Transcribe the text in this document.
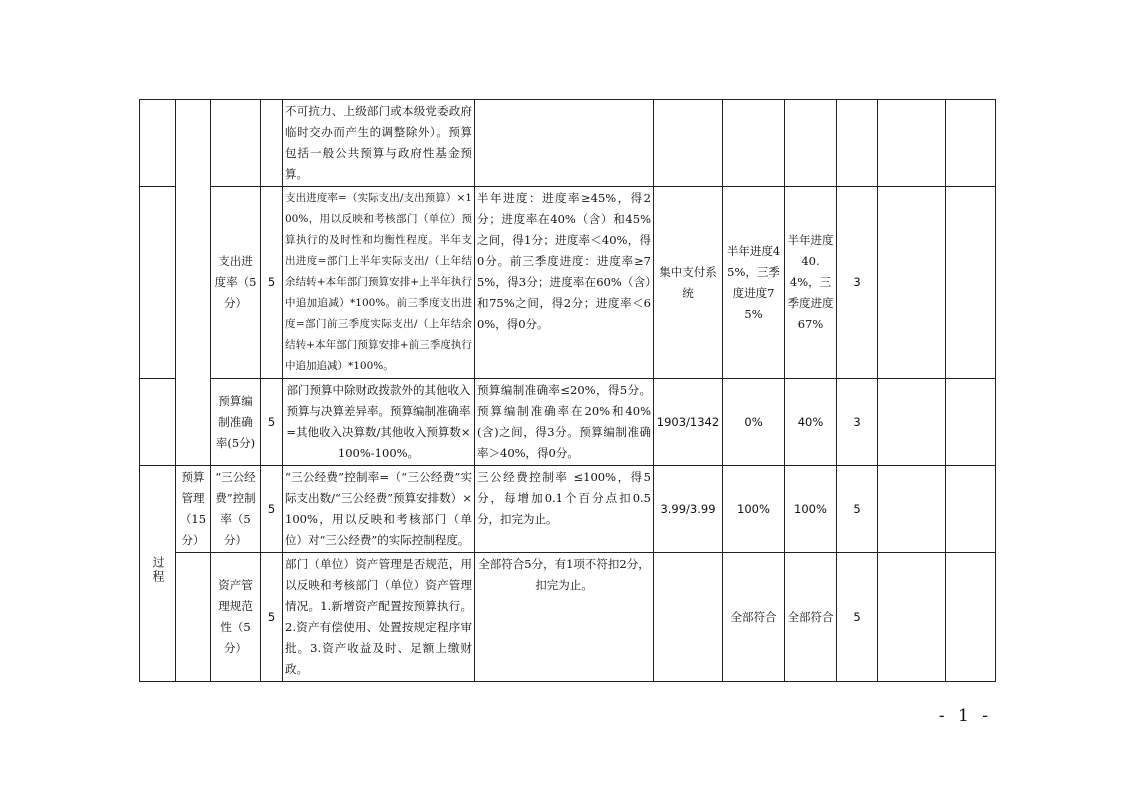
				不可抗力、上级部门或本级党委政府临时交办而产生的调整除外）。预算包括一般公共预算与政府性基金预算。							
		支出进度率（5分）	5	支出进度率=（实际支出/支出预算）×100%，用以反映和考核部门（单位）预算执行的及时性和均衡性程度。半年支出进度=部门上半年实际支出/（上年结余结转+本年部门预算安排+上半年执行中追加追减）*100%。前三季度支出进度=部门前三季度实际支出/（上年结余结转+本年部门预算安排+前三季度执行中追加追减）*100%。	半年进度：进度率≥45%，得2分；进度率在40%（含）和45%之间，得1分；进度率＜40%，得0分。前三季度进度：进度率≥75%，得3分；进度率在60%（含）和75%之间，得2分；进度率＜60%，得0分。	集中支付系统	半年进度45%，三季度进度75%	半年进度40.4%，三季度进度67%	3		
		预算编制准确率(5分)	5	部门预算中除财政拨款外的其他收入预算与决算差异率。预算编制准确率=其他收入决算数/其他收入预算数×100%-100%。	预算编制准确率≤20%，得5分。预算编制准确率在20%和40%(含)之间，得3分。预算编制准确率＞40%，得0分。	1903/1342	0%	40%	3		
过程	预算管理（15分）	“三公经费”控制率（5分）	5	“三公经费”控制率=（“三公经费”实际支出数/“三公经费”预算安排数）×100%，用以反映和考核部门（单位）对“三公经费”的实际控制程度。	三公经费控制率 ≤100%，得5分，每增加0.1个百分点扣0.5分，扣完为止。	3.99/3.99	100%	100%	5		
		资产管理规范性（5分）	5	部门（单位）资产管理是否规范，用以反映和考核部门（单位）资产管理情况。1.新增资产配置按预算执行。2.资产有偿使用、处置按规定程序审批。3.资产收益及时、足额上缴财政。	全部符合5分，有1项不符扣2分，扣完为止。		全部符合	全部符合	5		
- 1 -
